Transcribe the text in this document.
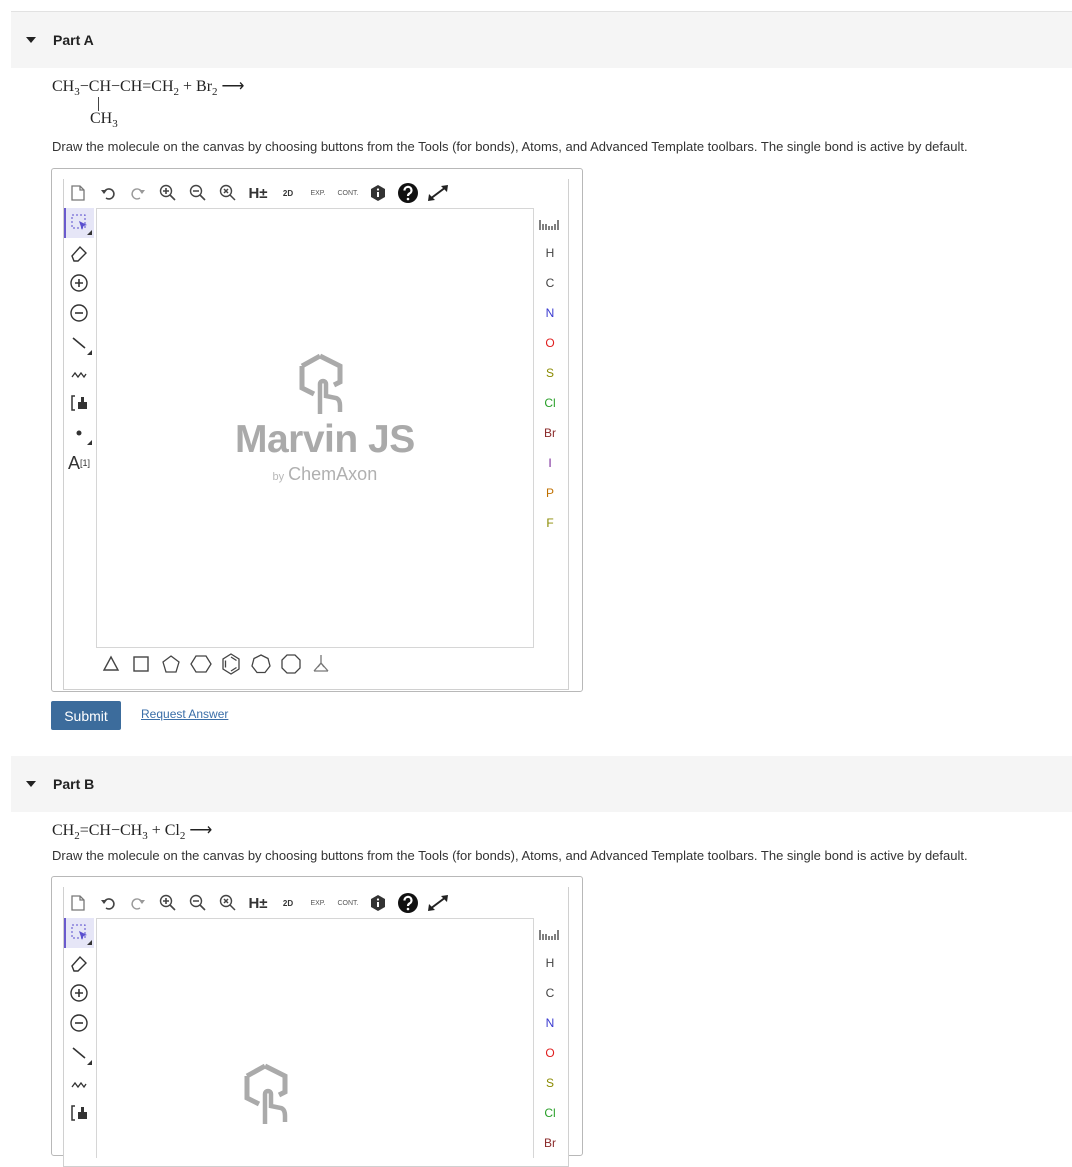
Part A
$CH_3-CH-CH=CH_2 + Br_2$ ⟶
$CH_3$
Draw the molecule on the canvas by choosing buttons from the Tools (for bonds), Atoms, and Advanced Template toolbars. The single bond is active by default.
H±	2D	EXP.	CONT.
A [1]
Marvin JS
by ChemAxon
H
C
N
O
S
Cl
Br
I
P
F
Submit	Request Answer
Part B
$CH_2=CH-CH_3 + Cl_2$ ⟶
Draw the molecule on the canvas by choosing buttons from the Tools (for bonds), Atoms, and Advanced Template toolbars. The single bond is active by default.
H±	2D	EXP.	CONT.
H
C
N
O
S
Cl
Br
